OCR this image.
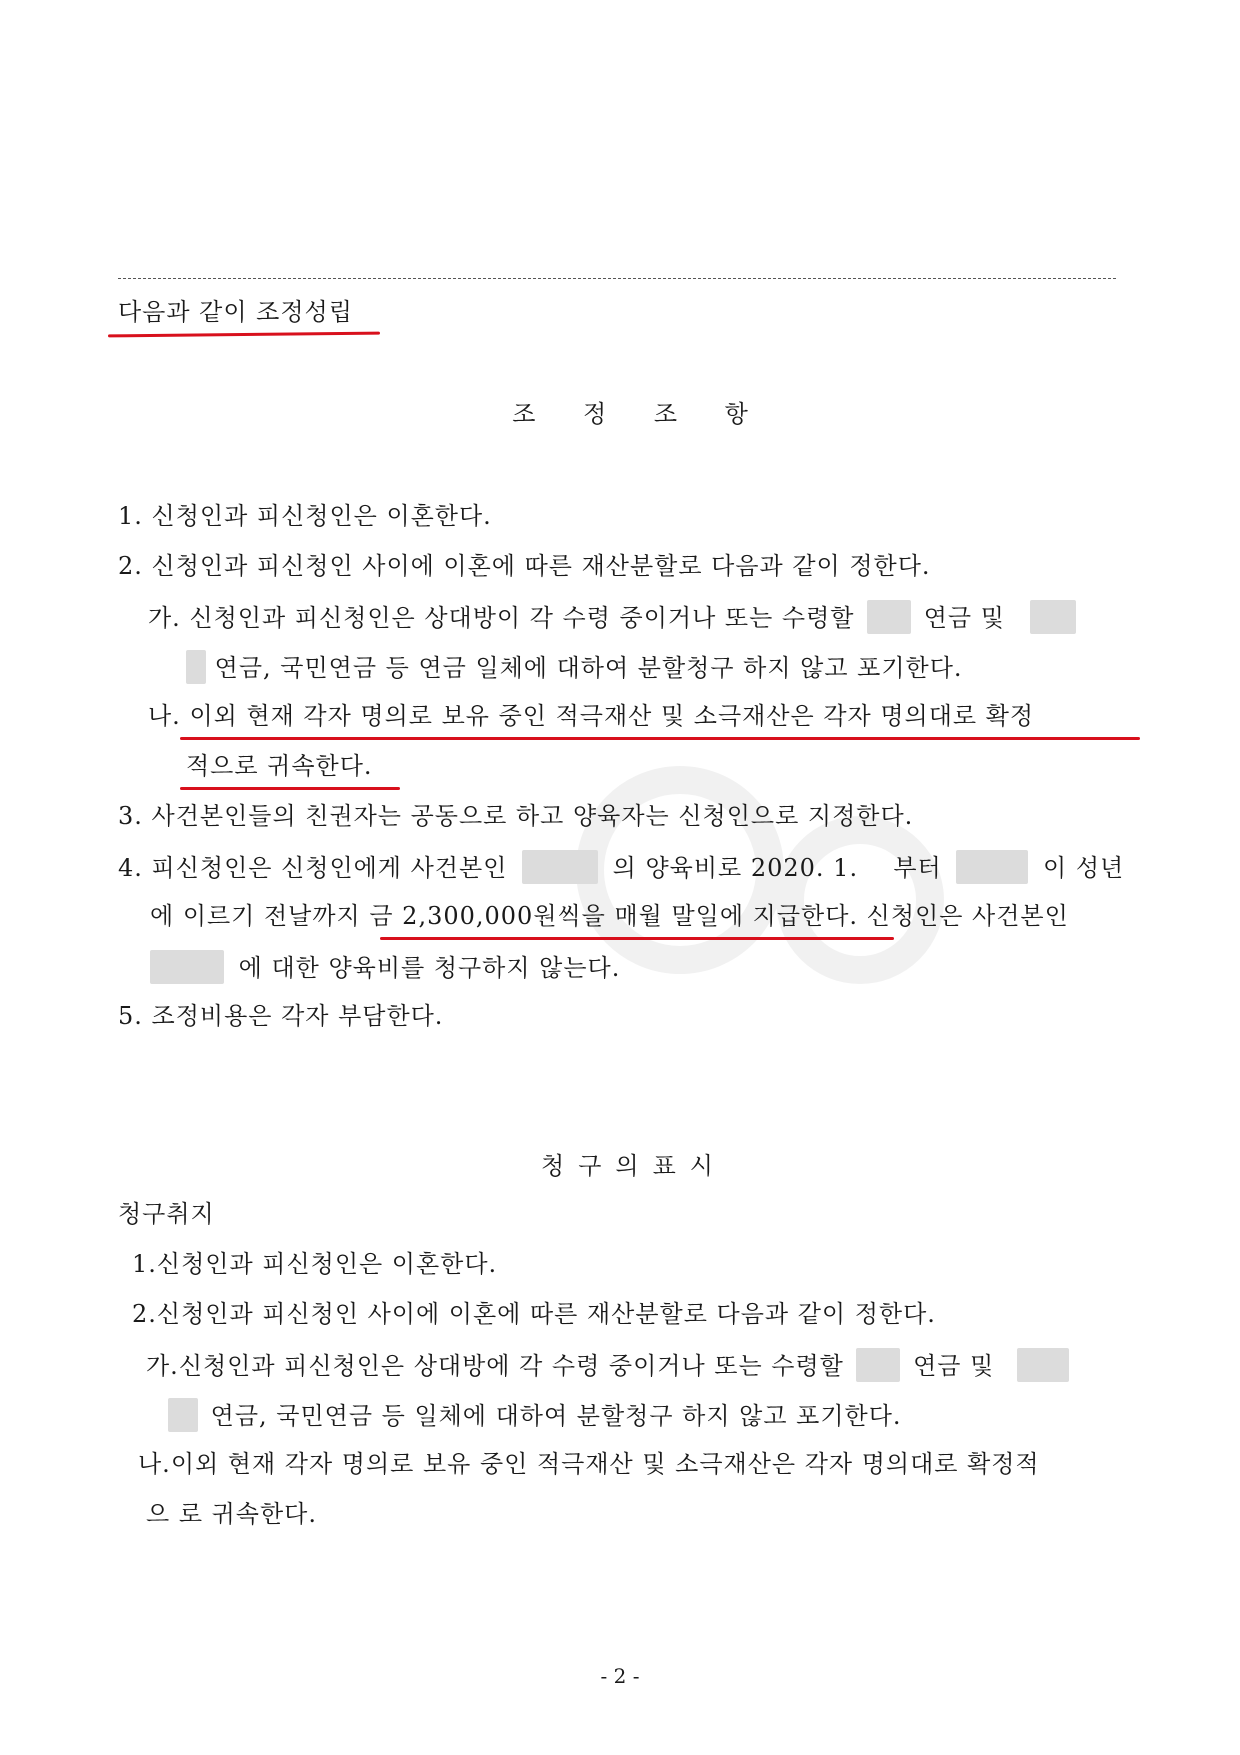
다음과 같이 조정성립
조 정 조 항
1. 신청인과 피신청인은 이혼한다.
2. 신청인과 피신청인 사이에 이혼에 따른 재산분할로 다음과 같이 정한다.
가. 신청인과 피신청인은 상대방이 각 수령 중이거나 또는 수령할	연금 및
연금, 국민연금 등 연금 일체에 대하여 분할청구 하지 않고 포기한다.
나. 이외 현재 각자 명의로 보유 중인 적극재산 및 소극재산은 각자 명의대로 확정
적으로 귀속한다.
3. 사건본인들의 친권자는 공동으로 하고 양육자는 신청인으로 지정한다.
4. 피신청인은 신청인에게 사건본인	의 양육비로 2020. 1. 부터	이 성년
에 이르기 전날까지 금 2,300,000원씩을 매월 말일에 지급한다. 신청인은 사건본인
에 대한 양육비를 청구하지 않는다.
5. 조정비용은 각자 부담한다.
청구의표시
청구취지
1.신청인과 피신청인은 이혼한다.
2.신청인과 피신청인 사이에 이혼에 따른 재산분할로 다음과 같이 정한다.
가.신청인과 피신청인은 상대방에 각 수령 중이거나 또는 수령할	연금 및
연금, 국민연금 등 일체에 대하여 분할청구 하지 않고 포기한다.
나.이외 현재 각자 명의로 보유 중인 적극재산 및 소극재산은 각자 명의대로 확정적
으 로 귀속한다.
- 2 -
